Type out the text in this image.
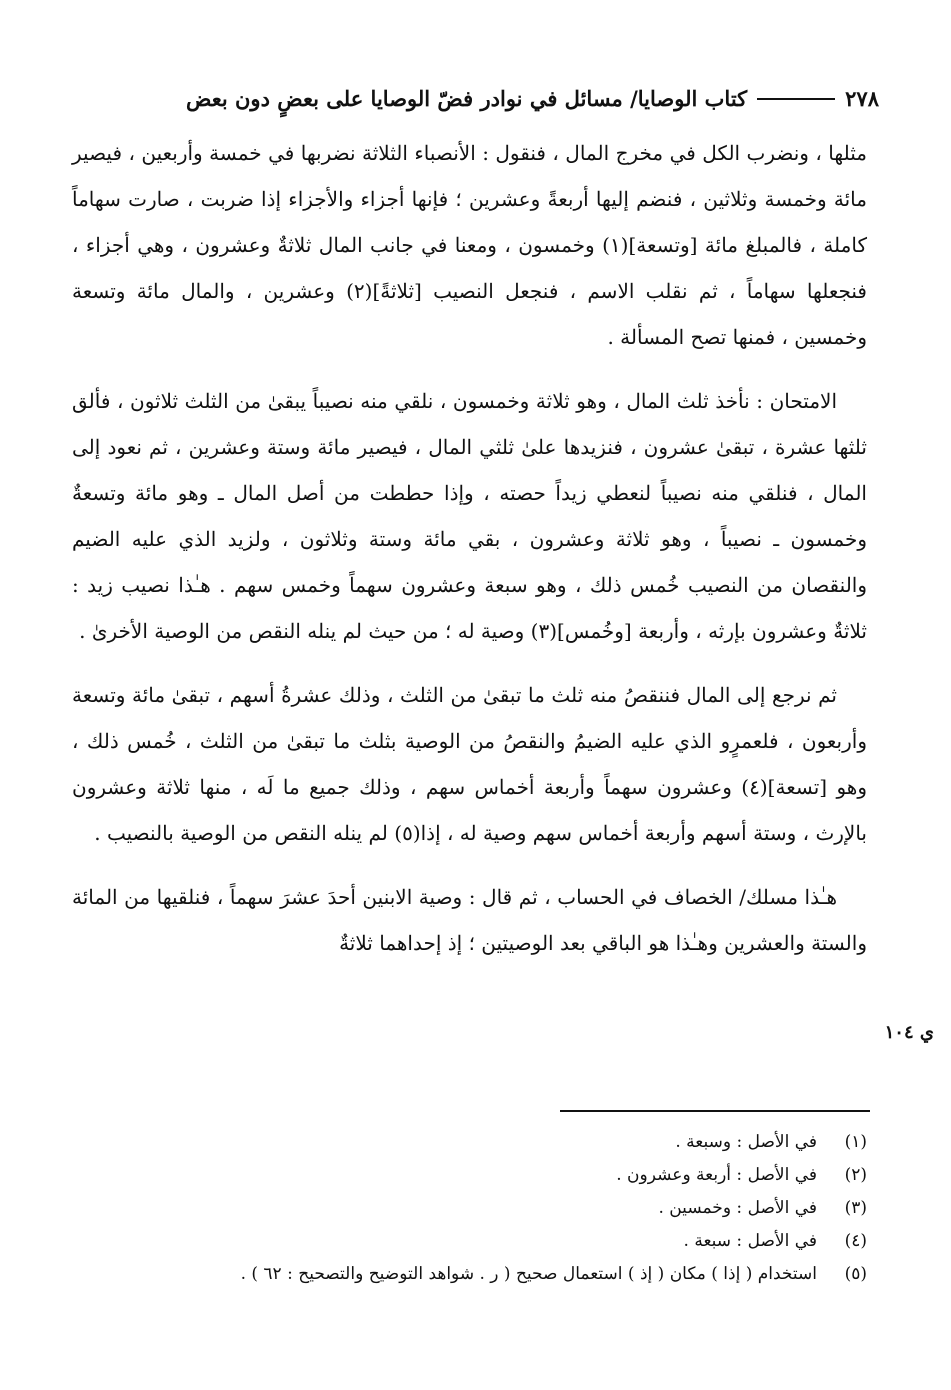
٢٧٨
كتاب الوصايا/ مسائل في نوادر فضّ الوصايا على بعضٍ دون بعض

مثلها ، ونضرب الكل في مخرج المال ، فنقول : الأنصباء الثلاثة نضربها في خمسة وأربعين ، فيصير مائة وخمسة وثلاثين ، فنضم إليها أربعةً وعشرين ؛ فإنها أجزاء والأجزاء إذا ضربت ، صارت سهاماً كاملة ، فالمبلغ مائة [وتسعة](١) وخمسون ، ومعنا في جانب المال ثلاثةٌ وعشرون ، وهي أجزاء ، فنجعلها سهاماً ، ثم نقلب الاسم ، فنجعل النصيب [ثلاثةً](٢) وعشرين ، والمال مائة وتسعة وخمسين ، فمنها تصح المسألة .

الامتحان : نأخذ ثلث المال ، وهو ثلاثة وخمسون ، نلقي منه نصيباً يبقىٰ من الثلث ثلاثون ، فألق ثلثها عشرة ، تبقىٰ عشرون ، فنزيدها علىٰ ثلثي المال ، فيصير مائة وستة وعشرين ، ثم نعود إلى المال ، فنلقي منه نصيباً لنعطي زيداً حصته ، وإذا حططت من أصل المال ـ وهو مائة وتسعةٌ وخمسون ـ نصيباً ، وهو ثلاثة وعشرون ، بقي مائة وستة وثلاثون ، ولزيد الذي عليه الضيم والنقصان من النصيب خُمس ذلك ، وهو سبعة وعشرون سهماً وخمس سهم . هـٰذا نصيب زيد : ثلاثةٌ وعشرون بإرثه ، وأربعة [وخُمس](٣) وصية له ؛ من حيث لم ينله النقص من الوصية الأخرىٰ .

ثم نرجع إلى المال فننقصُ منه ثلث ما تبقىٰ من الثلث ، وذلك عشرةُ أسهم ، تبقىٰ مائة وتسعة وأربعون ، فلعمرٍو الذي عليه الضيمُ والنقصُ من الوصية بثلث ما تبقىٰ من الثلث ، خُمس ذلك ، وهو [تسعة](٤) وعشرون سهماً وأربعة أخماس سهم ، وذلك جميع ما لَه ، منها ثلاثة وعشرون بالإرث ، وستة أسهم وأربعة أخماس سهم وصية له ، إذا(٥) لم ينله النقص من الوصية بالنصيب .

هـٰذا مسلك/ الخصاف في الحساب ، ثم قال : وصية الابنين أحدَ عشرَ سهماً ، فنلقيها من المائة والستة والعشرين وهـٰذا هو الباقي بعد الوصيتين ؛ إذ إحداهما ثلاثةٌ

ي ١٠٤
(١)
في الأصل : وسبعة .
(٢)
في الأصل : أربعة وعشرون .
(٣)
في الأصل : وخمسين .
(٤)
في الأصل : سبعة .
(٥)
استخدام ( إذا ) مكان ( إذ ) استعمال صحيح ( ر . شواهد التوضيح والتصحيح : ٦٢ ) .
